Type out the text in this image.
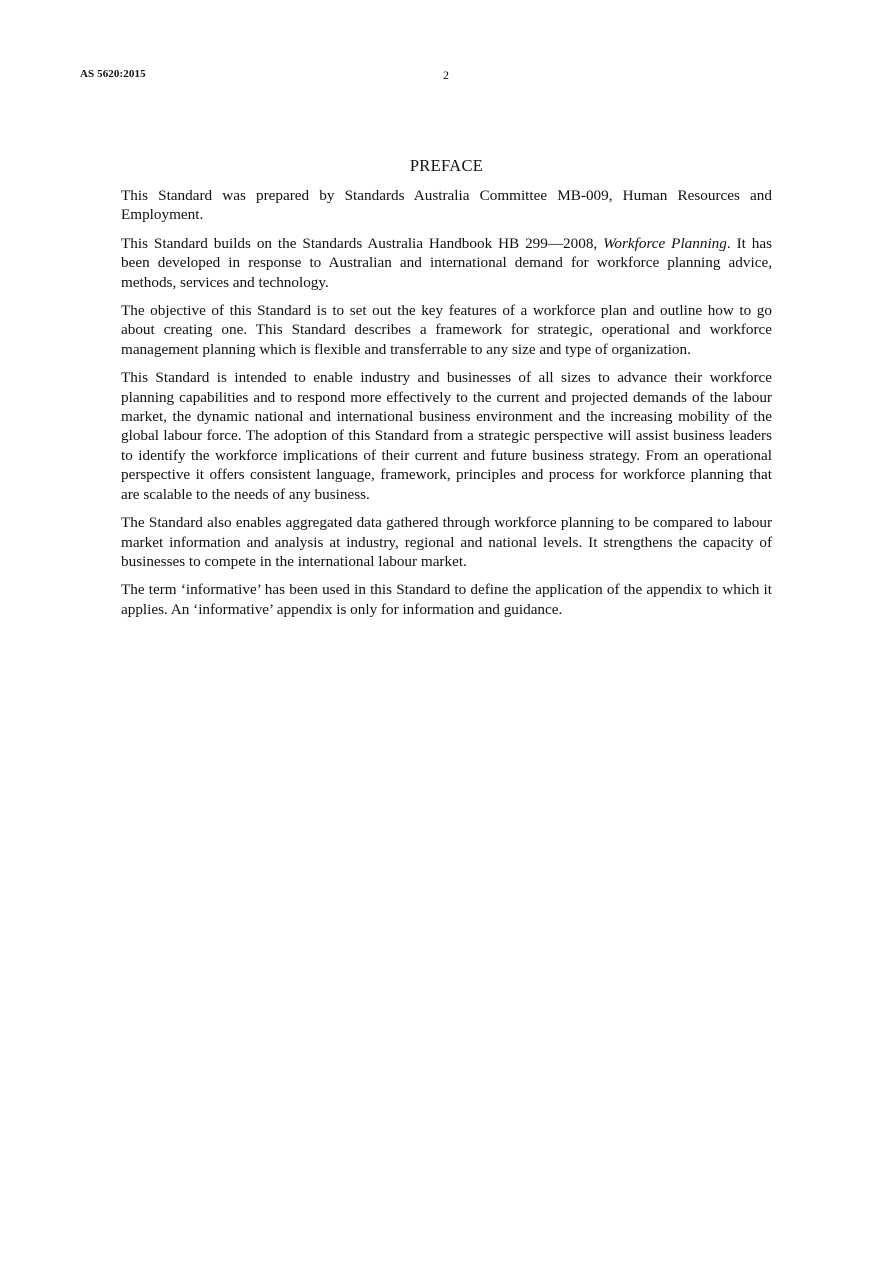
AS 5620:2015	2
PREFACE

This Standard was prepared by Standards Australia Committee MB-009, Human Resources and Employment.

This Standard builds on the Standards Australia Handbook HB 299—2008, Workforce Planning. It has been developed in response to Australian and international demand for workforce planning advice, methods, services and technology.

The objective of this Standard is to set out the key features of a workforce plan and outline how to go about creating one. This Standard describes a framework for strategic, operational and workforce management planning which is flexible and transferrable to any size and type of organization.

This Standard is intended to enable industry and businesses of all sizes to advance their workforce planning capabilities and to respond more effectively to the current and projected demands of the labour market, the dynamic national and international business environment and the increasing mobility of the global labour force. The adoption of this Standard from a strategic perspective will assist business leaders to identify the workforce implications of their current and future business strategy. From an operational perspective it offers consistent language, framework, principles and process for workforce planning that are scalable to the needs of any business.

The Standard also enables aggregated data gathered through workforce planning to be compared to labour market information and analysis at industry, regional and national levels. It strengthens the capacity of businesses to compete in the international labour market.

The term ‘informative’ has been used in this Standard to define the application of the appendix to which it applies. An ‘informative’ appendix is only for information and guidance.
